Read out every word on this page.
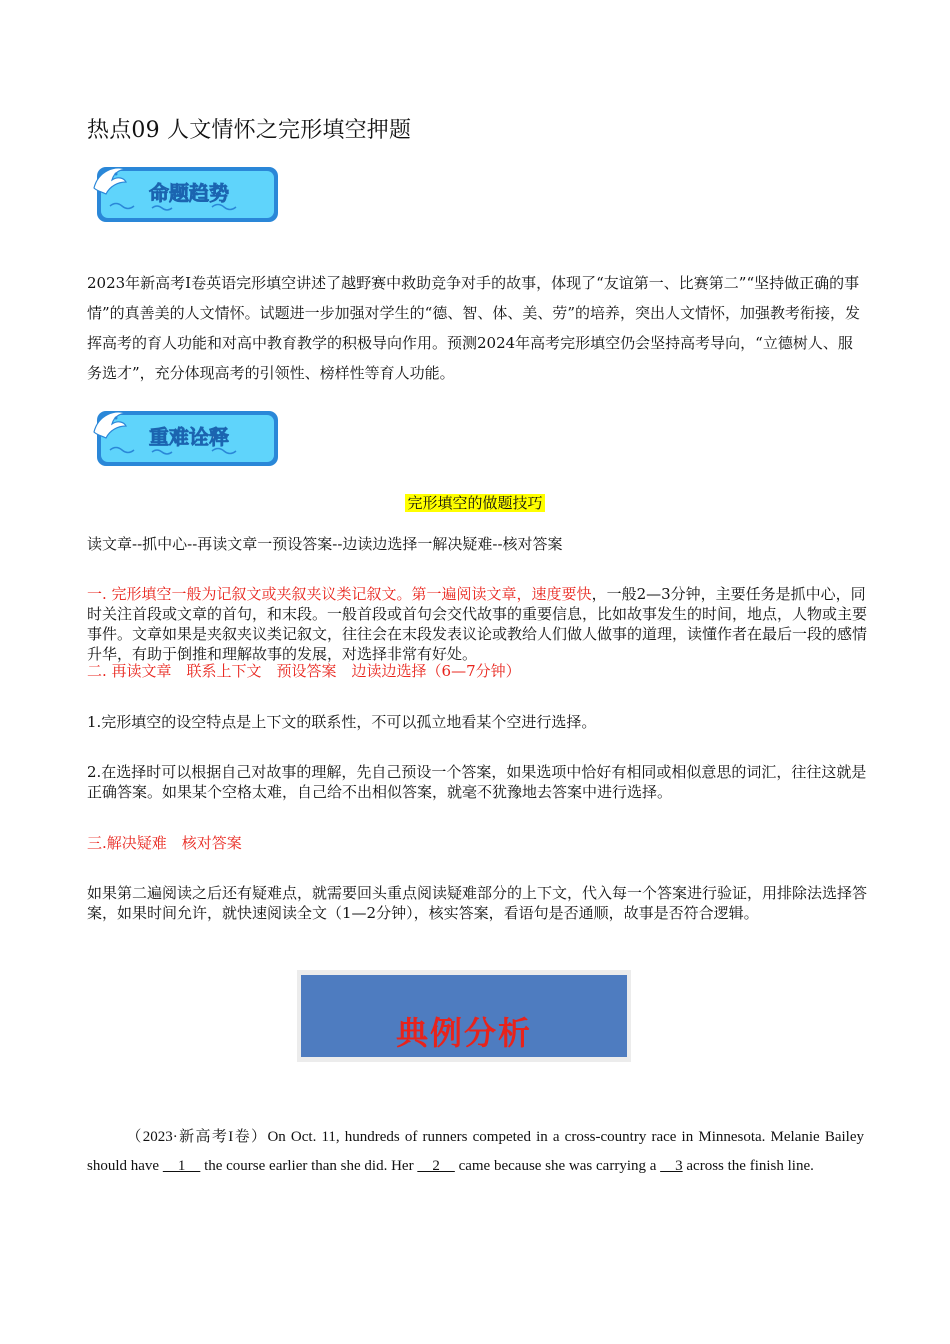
热点09 人文情怀之完形填空押题
命题趋势
2023年新高考I卷英语完形填空讲述了越野赛中救助竞争对手的故事，体现了“友谊第一、比赛第二”“坚持做正确的事情”的真善美的人文情怀。试题进一步加强对学生的“德、智、体、美、劳”的培养，突出人文情怀，加强教考衔接，发挥高考的育人功能和对高中教育教学的积极导向作用。预测2024年高考完形填空仍会坚持高考导向，“立德树人、服务选才”，充分体现高考的引领性、榜样性等育人功能。
重难诠释
完形填空的做题技巧
读文章--抓中心--再读文章一预设答案--边读边选择一解决疑难--核对答案
一. 完形填空一般为记叙文或夹叙夹议类记叙文。第一遍阅读文章，速度要快，一般2—3分钟，主要任务是抓中心，同时关注首段或文章的首句，和末段。一般首段或首句会交代故事的重要信息，比如故事发生的时间，地点，人物或主要事件。文章如果是夹叙夹议类记叙文，往往会在末段发表议论或教给人们做人做事的道理，读懂作者在最后一段的感情升华，有助于倒推和理解故事的发展，对选择非常有好处。
二. 再读文章　联系上下文　预设答案　边读边选择（6—7分钟）
1.完形填空的设空特点是上下文的联系性，不可以孤立地看某个空进行选择。
2.在选择时可以根据自己对故事的理解，先自己预设一个答案，如果选项中恰好有相同或相似意思的词汇，往往这就是正确答案。如果某个空格太难，自己给不出相似答案，就毫不犹豫地去答案中进行选择。
三.解决疑难　核对答案
如果第二遍阅读之后还有疑难点，就需要回头重点阅读疑难部分的上下文，代入每一个答案进行验证，用排除法选择答案，如果时间允许，就快速阅读全文（1—2分钟），核实答案，看语句是否通顺，故事是否符合逻辑。
典例分析
（2023·新高考I卷）On Oct. 11, hundreds of runners competed in a cross-country race in Minnesota. Melanie Bailey should have     1     the course earlier than she did. Her     2     came because she was carrying a     3 across the finish line.
